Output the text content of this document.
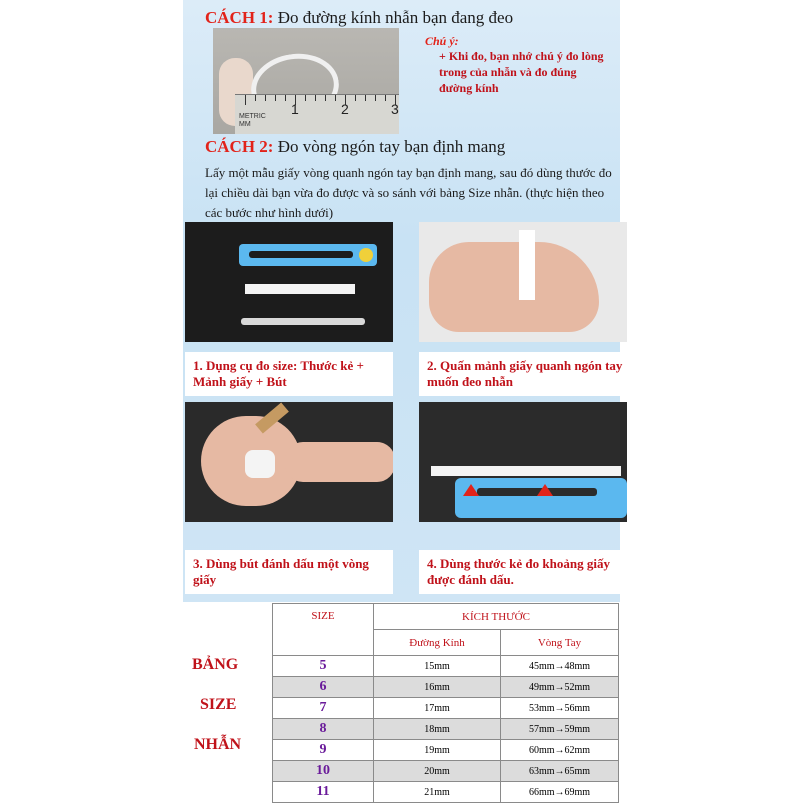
CÁCH 1: Đo đường kính nhẫn bạn đang đeo
METRIC
MM
1	2	3
Chú ý:
+ Khi đo, bạn nhớ chú ý đo lòng trong của nhẫn và đo đúng đường kính
CÁCH 2: Đo vòng ngón tay bạn định mang
Lấy một mẫu giấy vòng quanh ngón tay bạn định mang, sau đó dùng thước đo lại chiều dài bạn vừa đo được và so sánh với bảng Size nhẫn. (thực hiện theo các bước như hình dưới)
1. Dụng cụ đo size: Thước kẻ + Mảnh giấy + Bút
2. Quấn mảnh giấy quanh ngón tay muốn đeo nhẫn
3. Dùng bút đánh dấu một vòng giấy
4. Dùng thước kẻ đo khoảng giấy được đánh dấu.
BẢNG
SIZE
NHẪN
SIZE	KÍCH THƯỚC	
	Đường Kính	Vòng Tay
5	15mm	45mm→48mm
6	16mm	49mm→52mm
7	17mm	53mm→56mm
8	18mm	57mm→59mm
9	19mm	60mm→62mm
10	20mm	63mm→65mm
11	21mm	66mm→69mm
